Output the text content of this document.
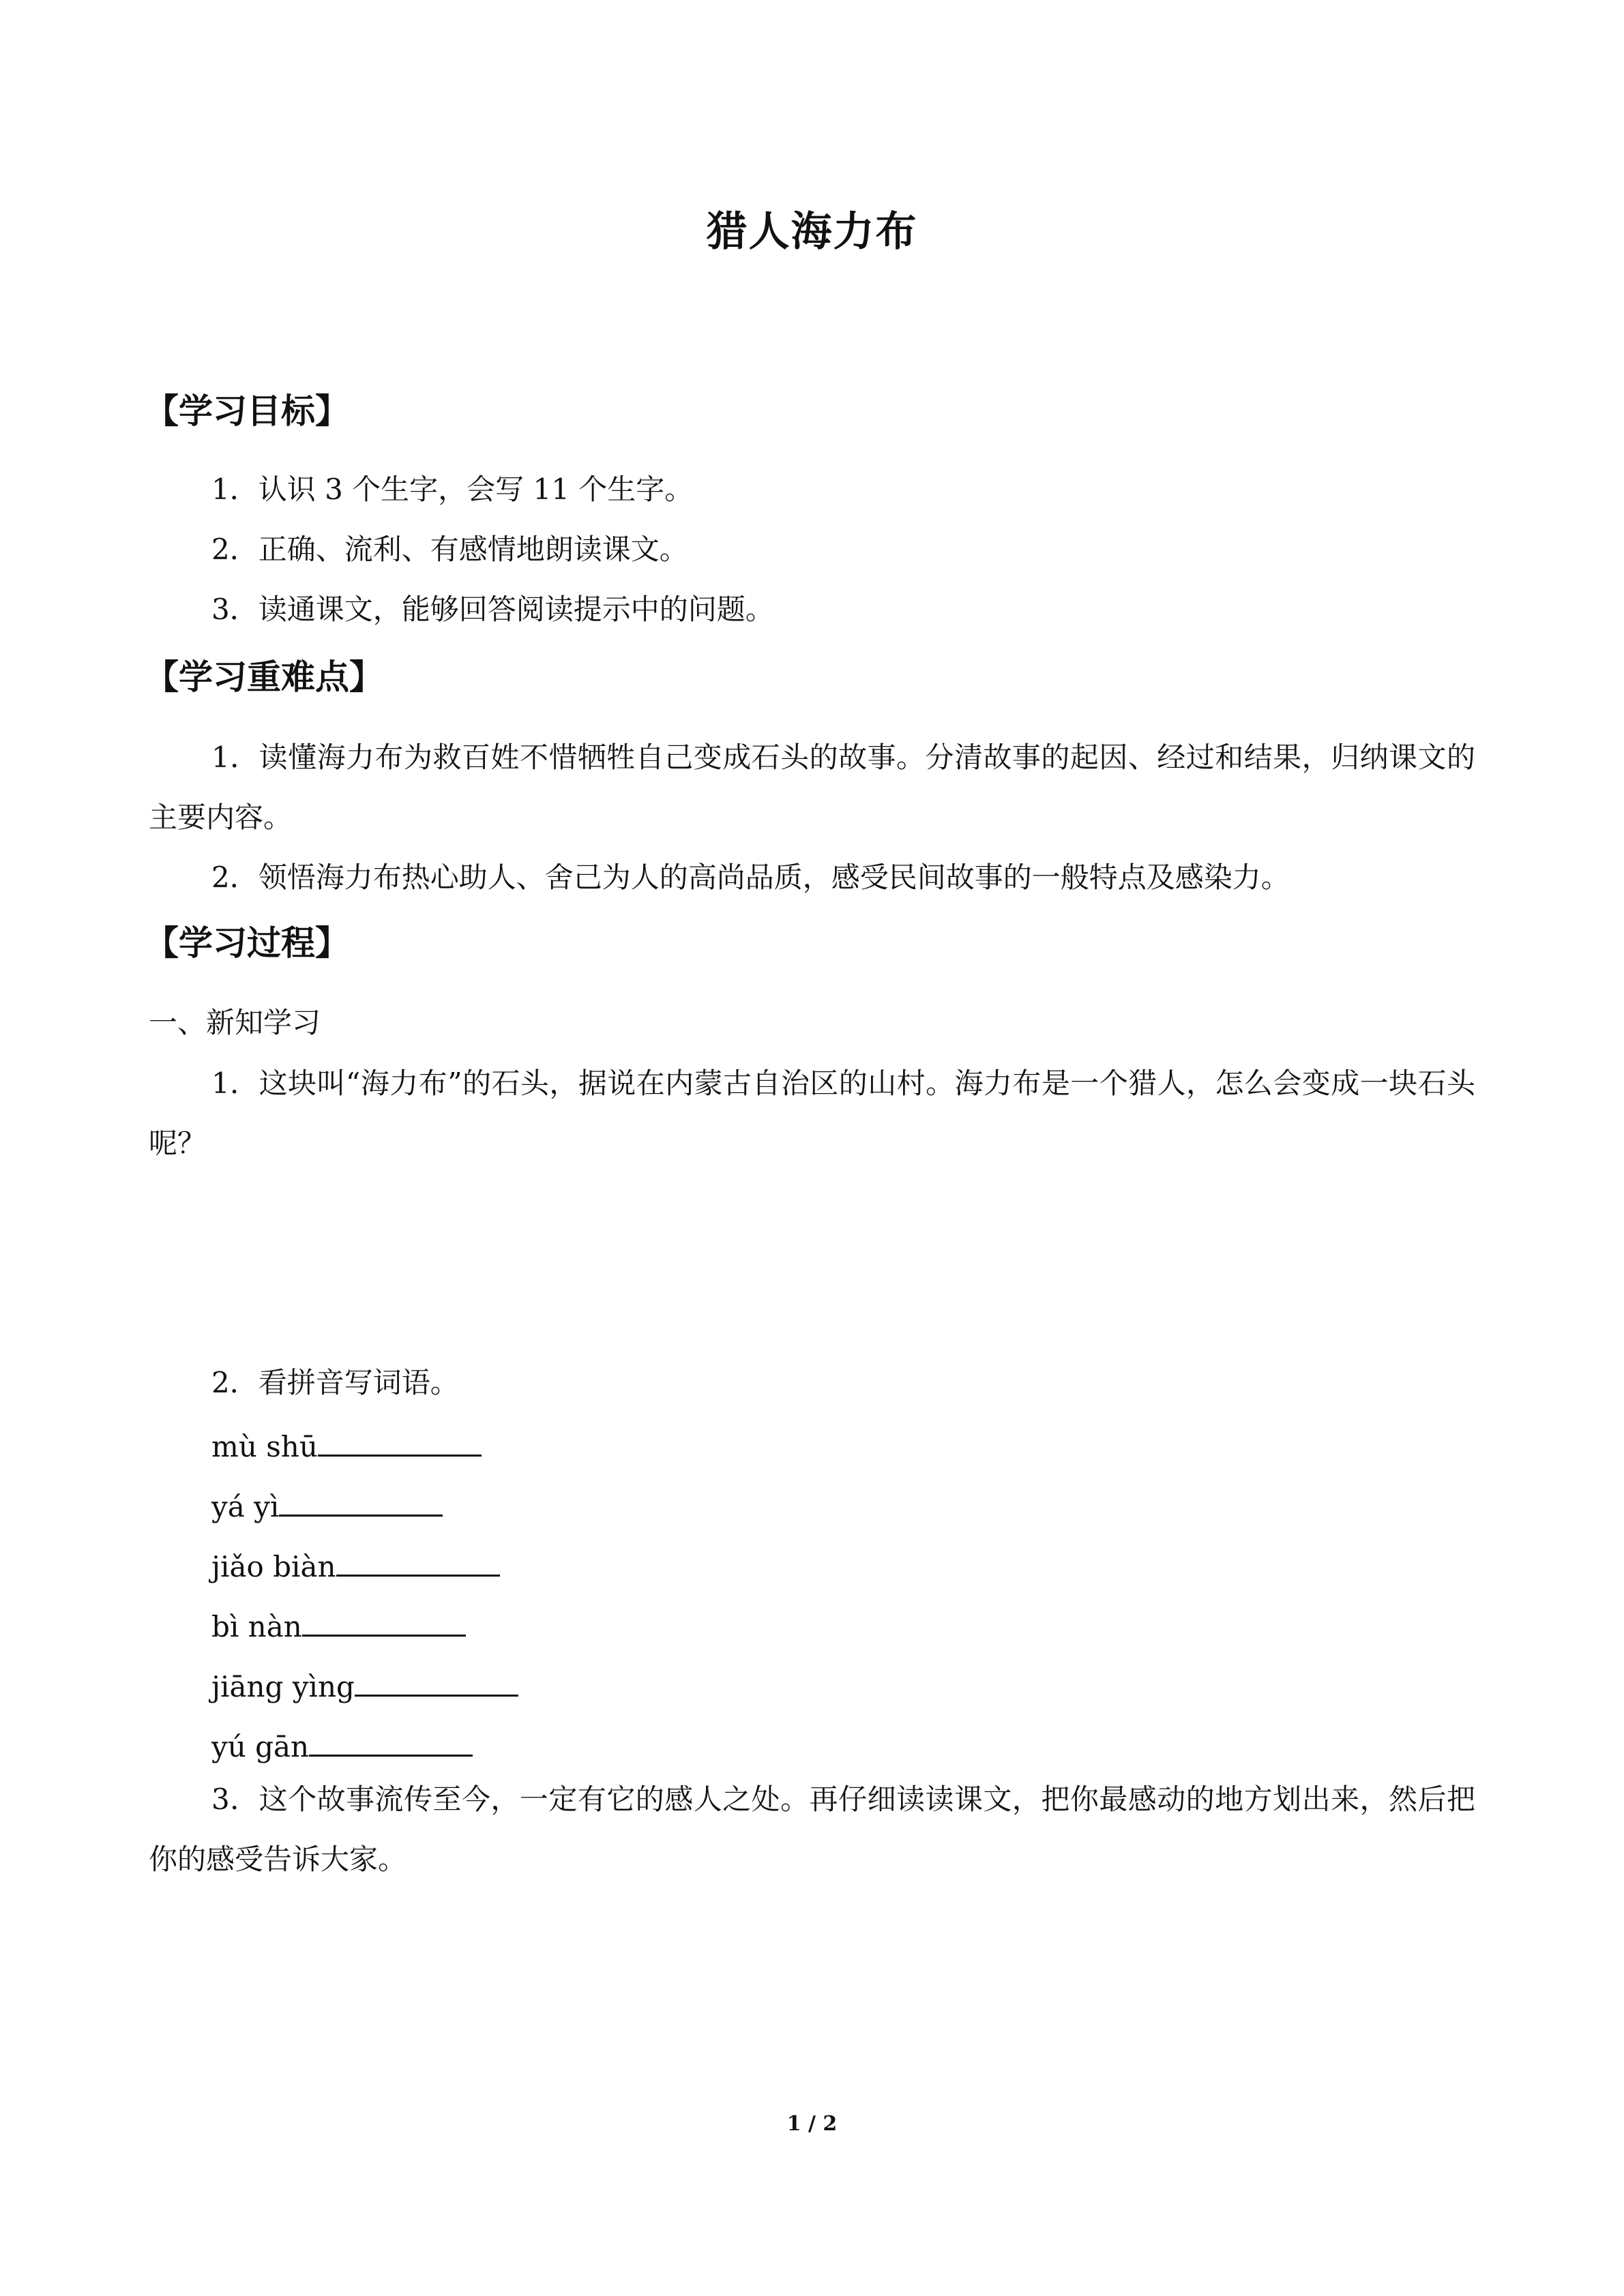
猎人海力布
【学习目标】
1．认识 3 个生字，会写 11 个生字。
2．正确、流利、有感情地朗读课文。
3．读通课文，能够回答阅读提示中的问题。
【学习重难点】
1．读懂海力布为救百姓不惜牺牲自己变成石头的故事。分清故事的起因、经过和结果，归纳课文的主要内容。
2．领悟海力布热心助人、舍己为人的高尚品质，感受民间故事的一般特点及感染力。
【学习过程】
一、新知学习
1．这块叫“海力布”的石头，据说在内蒙古自治区的山村。海力布是一个猎人，怎么会变成一块石头呢？
2．看拼音写词语。
mù shū
yá yì
jiǎo biàn
bì nàn
jiāng yìng
yú gān
3．这个故事流传至今，一定有它的感人之处。再仔细读读课文，把你最感动的地方划出来，然后把你的感受告诉大家。
1 / 2
